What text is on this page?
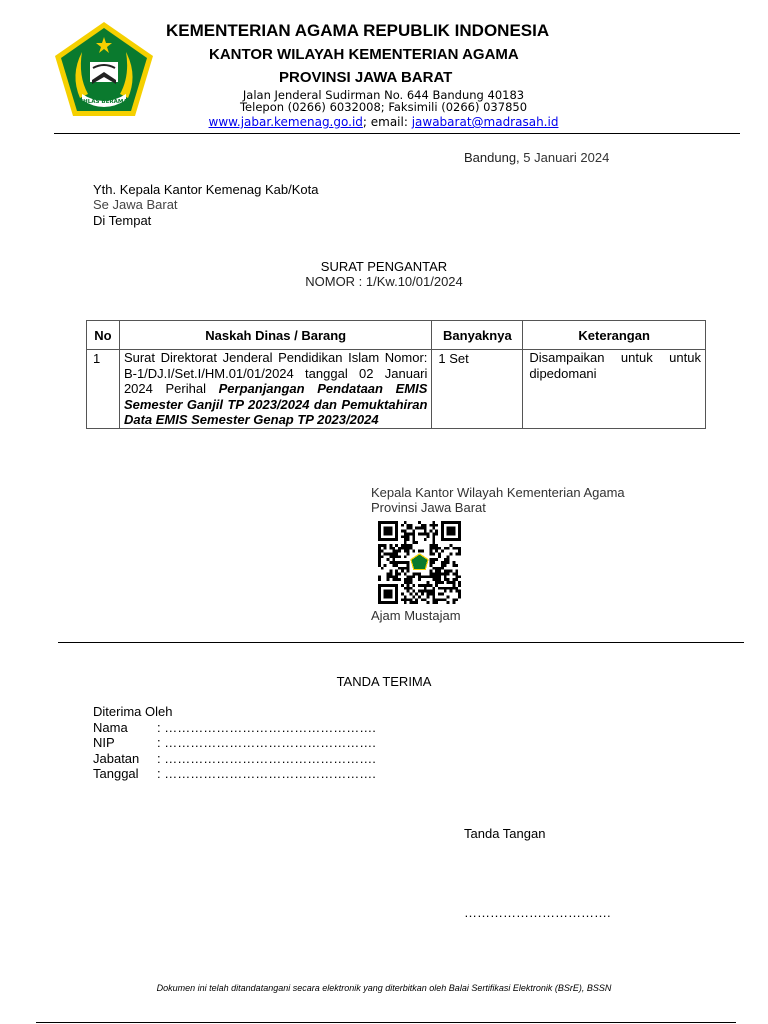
IKHLAS BERAMAL
KEMENTERIAN AGAMA REPUBLIK INDONESIA
KANTOR WILAYAH KEMENTERIAN AGAMA
PROVINSI JAWA BARAT
Jalan Jenderal Sudirman No. 644 Bandung 40183
Telepon (0266) 6032008; Faksimili (0266) 037850
www.jabar.kemenag.go.id; email: jawabarat@madrasah.id
Bandung, 5 Januari 2024
Yth. Kepala Kantor Kemenag Kab/Kota
Se Jawa Barat
Di Tempat
SURAT PENGANTAR
NOMOR : 1/Kw.10/01/2024
No	Naskah Dinas / Barang	Banyaknya	Keterangan
1	Surat Direktorat Jenderal Pendidikan Islam Nomor: B-1/DJ.I/Set.I/HM.01/01/2024 tanggal 02 Januari 2024 Perihal Perpanjangan Pendataan EMIS Semester Ganjil TP 2023/2024 dan Pemuktahiran Data EMIS Semester Genap TP 2023/2024	1 Set	Disampaikan untuk untuk dipedomani
Kepala Kantor Wilayah Kementerian Agama
Provinsi Jawa Barat
Ajam Mustajam
TANDA TERIMA
Diterima Oleh
Nama : ………………………………………….
NIP	: ………………………………………….
Jabatan : ………………………………………….
Tanggal : ………………………………………….
Tanda Tangan
…………………………….
Dokumen ini telah ditandatangani secara elektronik yang diterbitkan oleh Balai Sertifikasi Elektronik (BSrE), BSSN
